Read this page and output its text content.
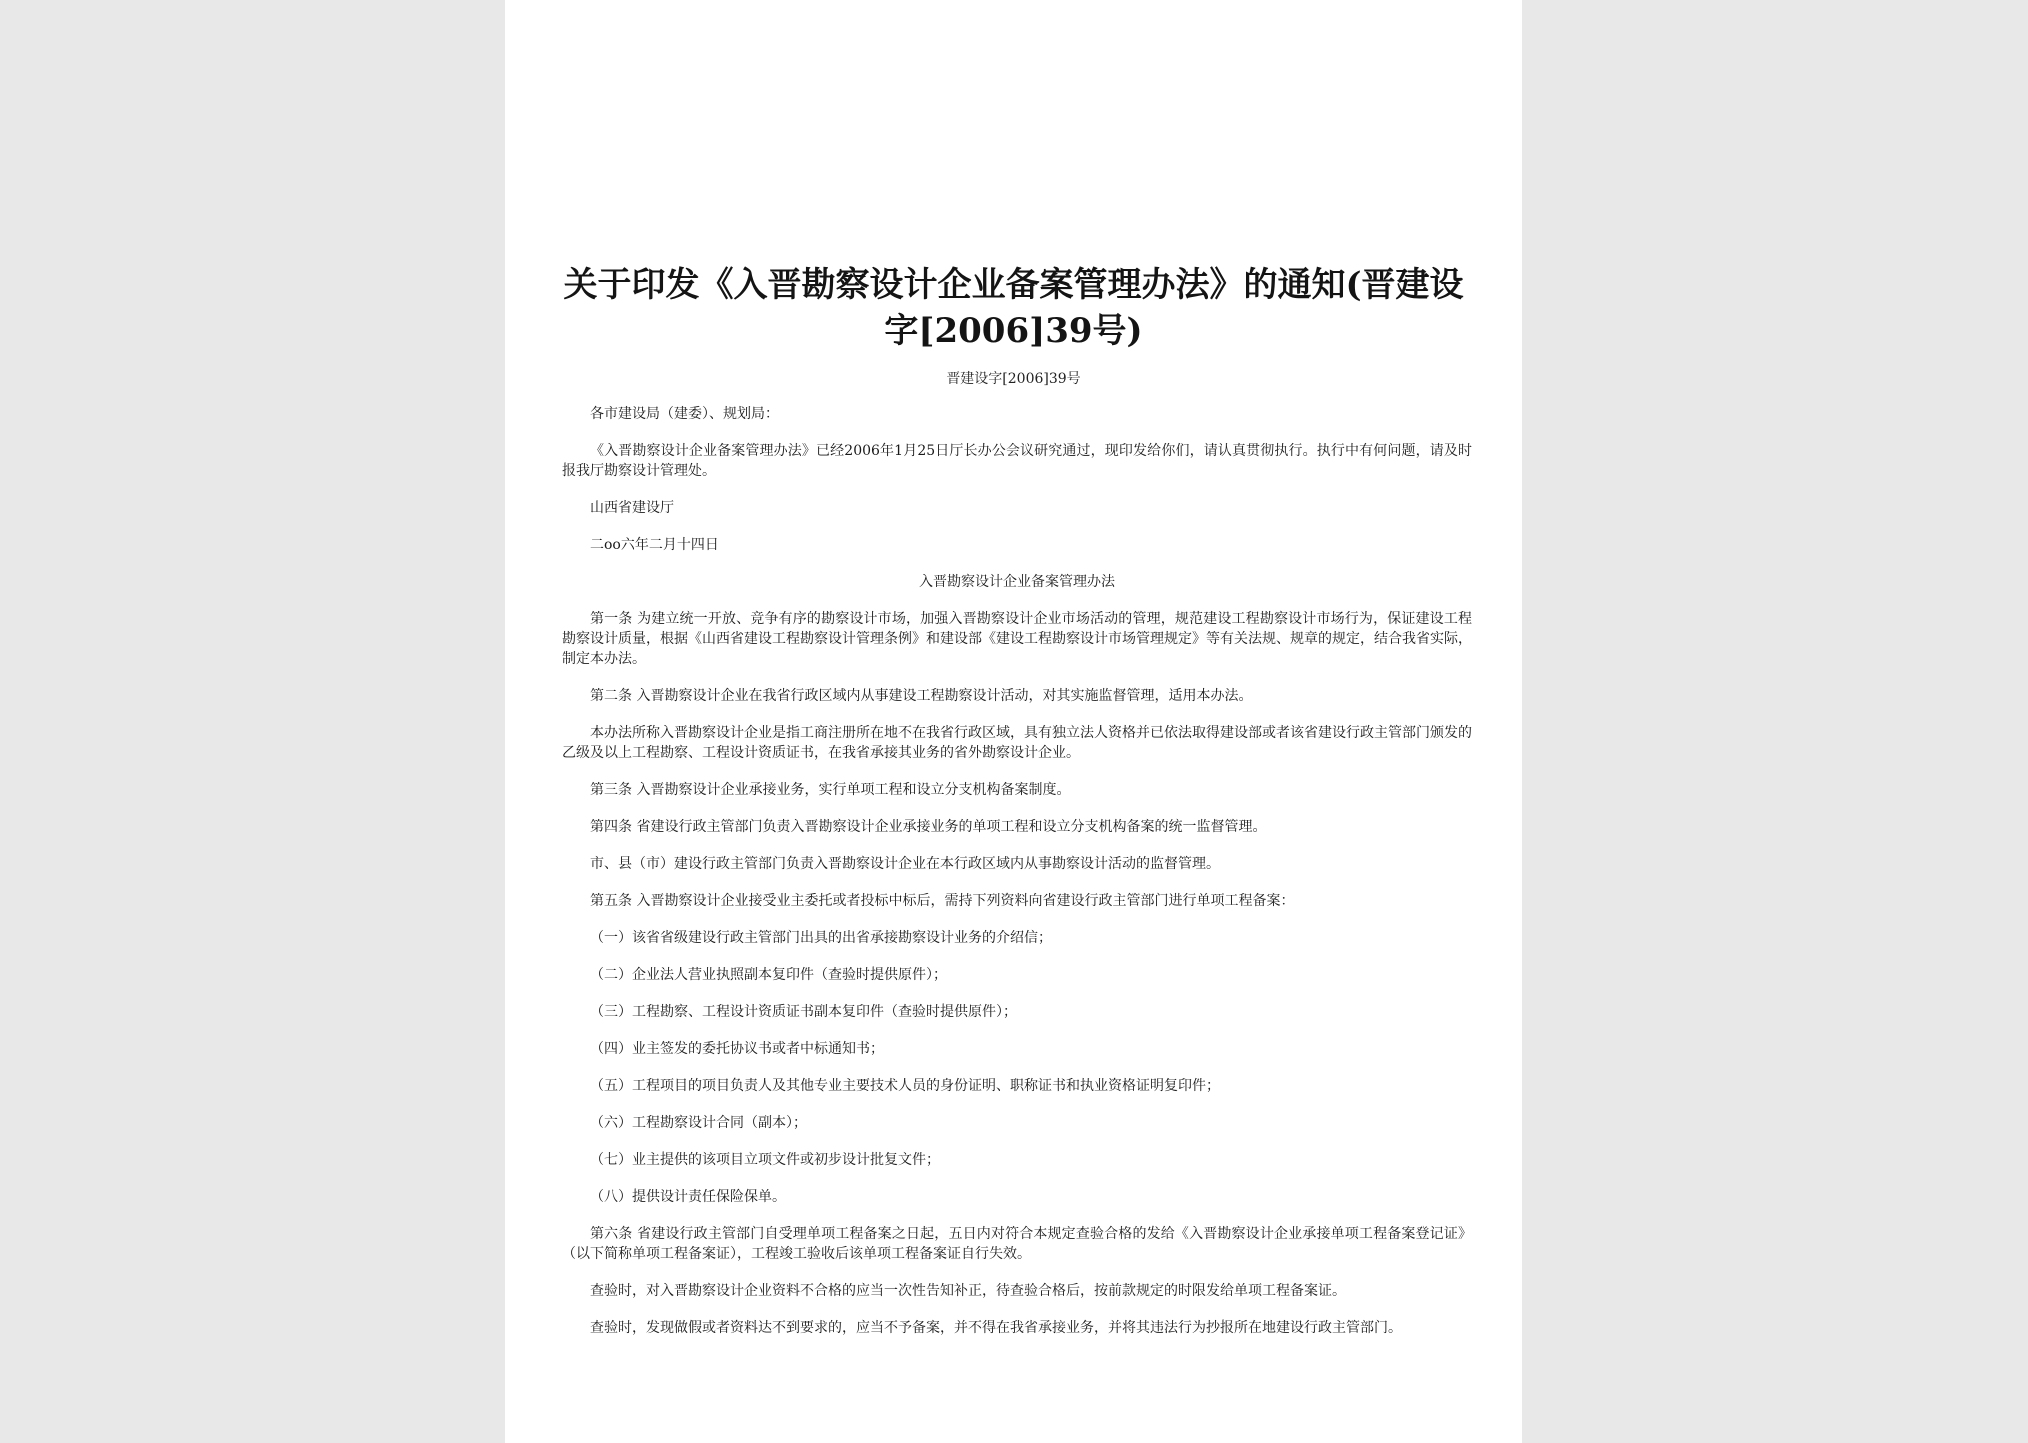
关于印发《入晋勘察设计企业备案管理办法》的通知(晋建设字[2006]39号)

晋建设字[2006]39号

各市建设局（建委）、规划局：

《入晋勘察设计企业备案管理办法》已经2006年1月25日厅长办公会议研究通过，现印发给你们，请认真贯彻执行。执行中有何问题，请及时报我厅勘察设计管理处。

山西省建设厅

二oo六年二月十四日

入晋勘察设计企业备案管理办法

第一条 为建立统一开放、竞争有序的勘察设计市场，加强入晋勘察设计企业市场活动的管理，规范建设工程勘察设计市场行为，保证建设工程勘察设计质量，根据《山西省建设工程勘察设计管理条例》和建设部《建设工程勘察设计市场管理规定》等有关法规、规章的规定，结合我省实际，制定本办法。

第二条 入晋勘察设计企业在我省行政区域内从事建设工程勘察设计活动，对其实施监督管理，适用本办法。

本办法所称入晋勘察设计企业是指工商注册所在地不在我省行政区域，具有独立法人资格并已依法取得建设部或者该省建设行政主管部门颁发的乙级及以上工程勘察、工程设计资质证书，在我省承接其业务的省外勘察设计企业。

第三条 入晋勘察设计企业承接业务，实行单项工程和设立分支机构备案制度。

第四条 省建设行政主管部门负责入晋勘察设计企业承接业务的单项工程和设立分支机构备案的统一监督管理。

市、县（市）建设行政主管部门负责入晋勘察设计企业在本行政区域内从事勘察设计活动的监督管理。

第五条 入晋勘察设计企业接受业主委托或者投标中标后，需持下列资料向省建设行政主管部门进行单项工程备案：

（一）该省省级建设行政主管部门出具的出省承接勘察设计业务的介绍信；

（二）企业法人营业执照副本复印件（查验时提供原件）；

（三）工程勘察、工程设计资质证书副本复印件（查验时提供原件）；

（四）业主签发的委托协议书或者中标通知书；

（五）工程项目的项目负责人及其他专业主要技术人员的身份证明、职称证书和执业资格证明复印件；

（六）工程勘察设计合同（副本）；

（七）业主提供的该项目立项文件或初步设计批复文件；

（八）提供设计责任保险保单。

第六条 省建设行政主管部门自受理单项工程备案之日起，五日内对符合本规定查验合格的发给《入晋勘察设计企业承接单项工程备案登记证》（以下简称单项工程备案证），工程竣工验收后该单项工程备案证自行失效。

查验时，对入晋勘察设计企业资料不合格的应当一次性告知补正，待查验合格后，按前款规定的时限发给单项工程备案证。

查验时，发现做假或者资料达不到要求的，应当不予备案，并不得在我省承接业务，并将其违法行为抄报所在地建设行政主管部门。
